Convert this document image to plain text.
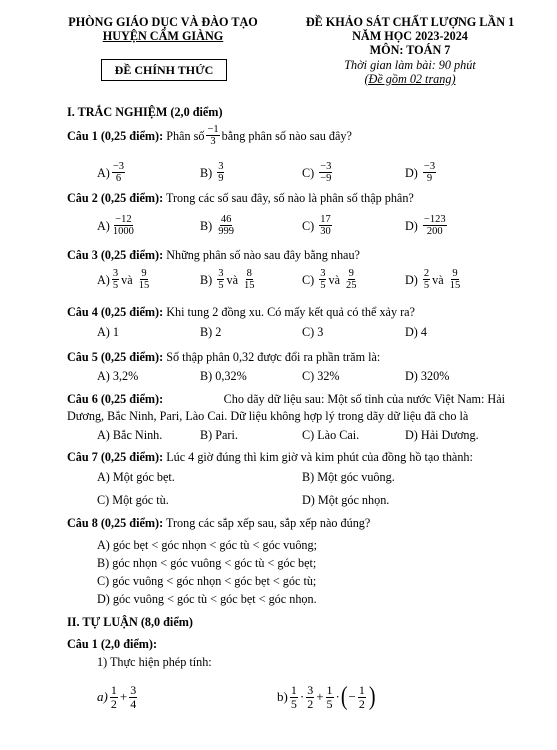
PHÒNG GIÁO DỤC VÀ ĐÀO TẠO
HUYỆN CẨM GIÀNG
ĐỀ CHÍNH THỨC
ĐỀ KHẢO SÁT CHẤT LƯỢNG LẦN 1
NĂM HỌC 2023-2024
MÔN: TOÁN 7
Thời gian làm bài: 90 phút
(Đề gồm 02 trang)
I. TRẮC NGHIỆM (2,0 điểm)
Câu 1 (0,25 điểm):
Phân số $\frac{-1}{3}$ bằng phân số nào sau đây?
$A) \frac{-3}{6}$	B)
$\frac{3}{9}$	C)
$\frac{-3}{-9}$	D)
$\frac{-3}{9}$
Câu 2 (0,25 điểm): Trong các số sau đây, số nào là phân số thập phân?
$A) \frac{-12}{1000}$	B)
$\frac{46}{999}$	C)
$\frac{17}{30}$	D)
$\frac{-123}{200}$
Câu 3 (0,25 điểm): Những phân số nào sau đây bằng nhau?
$A) \frac{3}{5}$ và
$\frac{9}{15}$	B)
$\frac{3}{5}$ và
$\frac{8}{15}$	C)
$\frac{3}{5}$ và
$\frac{9}{25}$	D)
$\frac{2}{5}$ và
$\frac{9}{15}$
Câu 4 (0,25 điểm): Khi tung 2 đồng xu. Có mấy kết quả có thể xảy ra?
A) 1	B) 2	C) 3	D) 4
Câu 5 (0,25 điểm): Số thập phân 0,32 được đổi ra phần trăm là:
A) 3,2%	B) 0,32%	C) 32%	D) 320%
Câu 6 (0,25 điểm):	Cho dãy dữ liệu sau: Một số tỉnh của nước Việt Nam: Hải
Dương, Bắc Ninh, Pari, Lào Cai. Dữ liệu không hợp lý trong dãy dữ liệu đã cho là
A) Bắc Ninh.	B) Pari.	C) Lào Cai.	D) Hải Dương.
Câu 7 (0,25 điểm): Lúc 4 giờ đúng thì kim giờ và kim phút của đồng hồ tạo thành:
A) Một góc bẹt.	B) Một góc vuông.
C) Một góc tù.	D) Một góc nhọn.
Câu 8 (0,25 điểm): Trong các sắp xếp sau, sắp xếp nào đúng?
A) góc bẹt < góc nhọn < góc tù < góc vuông;
B) góc nhọn < góc vuông < góc tù < góc bẹt;
C) góc vuông < góc nhọn < góc bẹt < góc tù;
D) góc vuông < góc tù < góc bẹt < góc nhọn.
II. TỰ LUẬN (8,0 điểm)
Câu 1 (2,0 điểm):
1) Thực hiện phép tính:
$a) \frac{1}{2} + \frac{3}{4}$	$b) \frac{1}{5} \cdot \frac{3}{2} + \frac{1}{5}$ · ( − $\frac{1}{2}$ )
